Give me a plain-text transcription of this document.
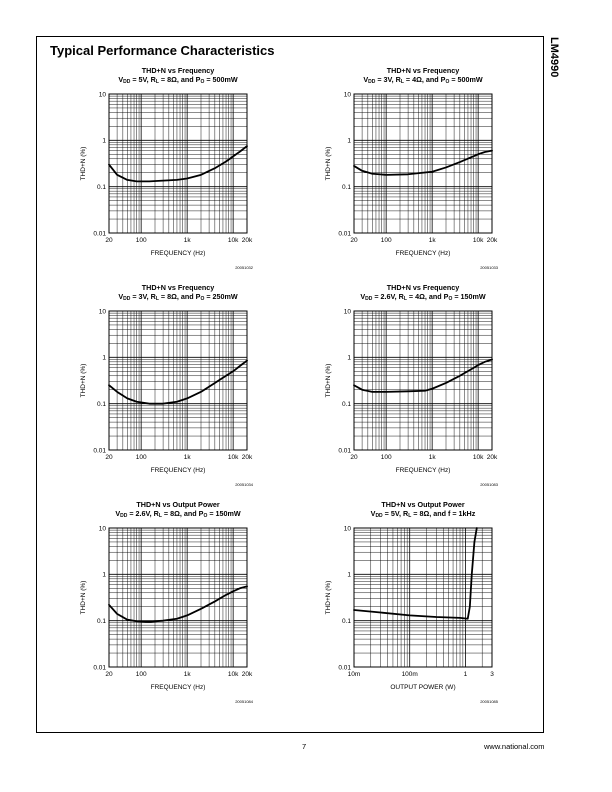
Typical Performance Characteristics	LM4990
7	www.national.com
THD+N vs Frequency
$V_{DD} = 5V$, $R_L = 8\Omega$, and $P_O = 500mW$
0.01
0.1
1
10
20	100	1k	10k 20k
FREQUENCY (Hz)
THD+N (%)
20051032
THD+N vs Frequency
$V_{DD} = 3V$, $R_L = 4\Omega$, and $P_O = 500mW$
0.01
0.1
1
10
20	100	1k	10k 20k
FREQUENCY (Hz)
THD+N (%)
20051033
THD+N vs Frequency
$V_{DD} = 3V$, $R_L = 8\Omega$, and $P_O = 250mW$
0.01
0.1
1
10
20	100	1k	10k 20k
FREQUENCY (Hz)
THD+N (%)
20051034
THD+N vs Frequency
$V_{DD} = 2.6V$, $R_L = 4\Omega$, and $P_O = 150mW$
0.01
0.1
1
10
20	100	1k	10k 20k
FREQUENCY (Hz)
THD+N (%)
20051083
THD+N vs Output Power
$V_{DD} = 2.6V$, $R_L = 8\Omega$, and $P_O = 150mW$
0.01
0.1
1
10
20	100	1k	10k 20k
FREQUENCY (Hz)
THD+N (%)
20051084
THD+N vs Output Power
$V_{DD} = 5V$, $R_L = 8\Omega$, and f = 1kHz
0.01
0.1
1
10
10m	100m	1	3
OUTPUT POWER (W)
THD+N (%)
20051085
